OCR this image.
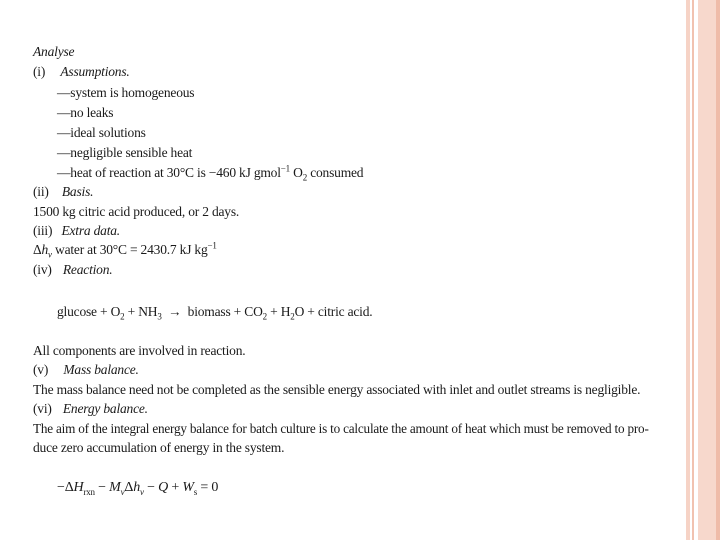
Analyse
(i) Assumptions.
—system is homogeneous
—no leaks
—ideal solutions
—negligible sensible heat
—heat of reaction at 30°C is −460 kJ gmol$^{-1}$ $O_2$ consumed
(ii) Basis.
1500 kg citric acid produced, or 2 days.
(iii) Extra data.
$\Delta h_v$ water at 30°C = 2430.7 kJ $kg^{-1}$
(iv) Reaction.
$glucose + O_2 + NH_3$  →  biomass + $CO_2 + H_2O$ + citric acid.
All components are involved in reaction.
(v) Mass balance.
The mass balance need not be completed as the sensible energy associated with inlet and outlet streams is negligible.
(vi) Energy balance.
The aim of the integral energy balance for batch culture is to calculate the amount of heat which must be removed to pro-
duce zero accumulation of energy in the system.
$-\Delta H_{rxn} - M_v\Delta h_v - Q + W_s = 0$
